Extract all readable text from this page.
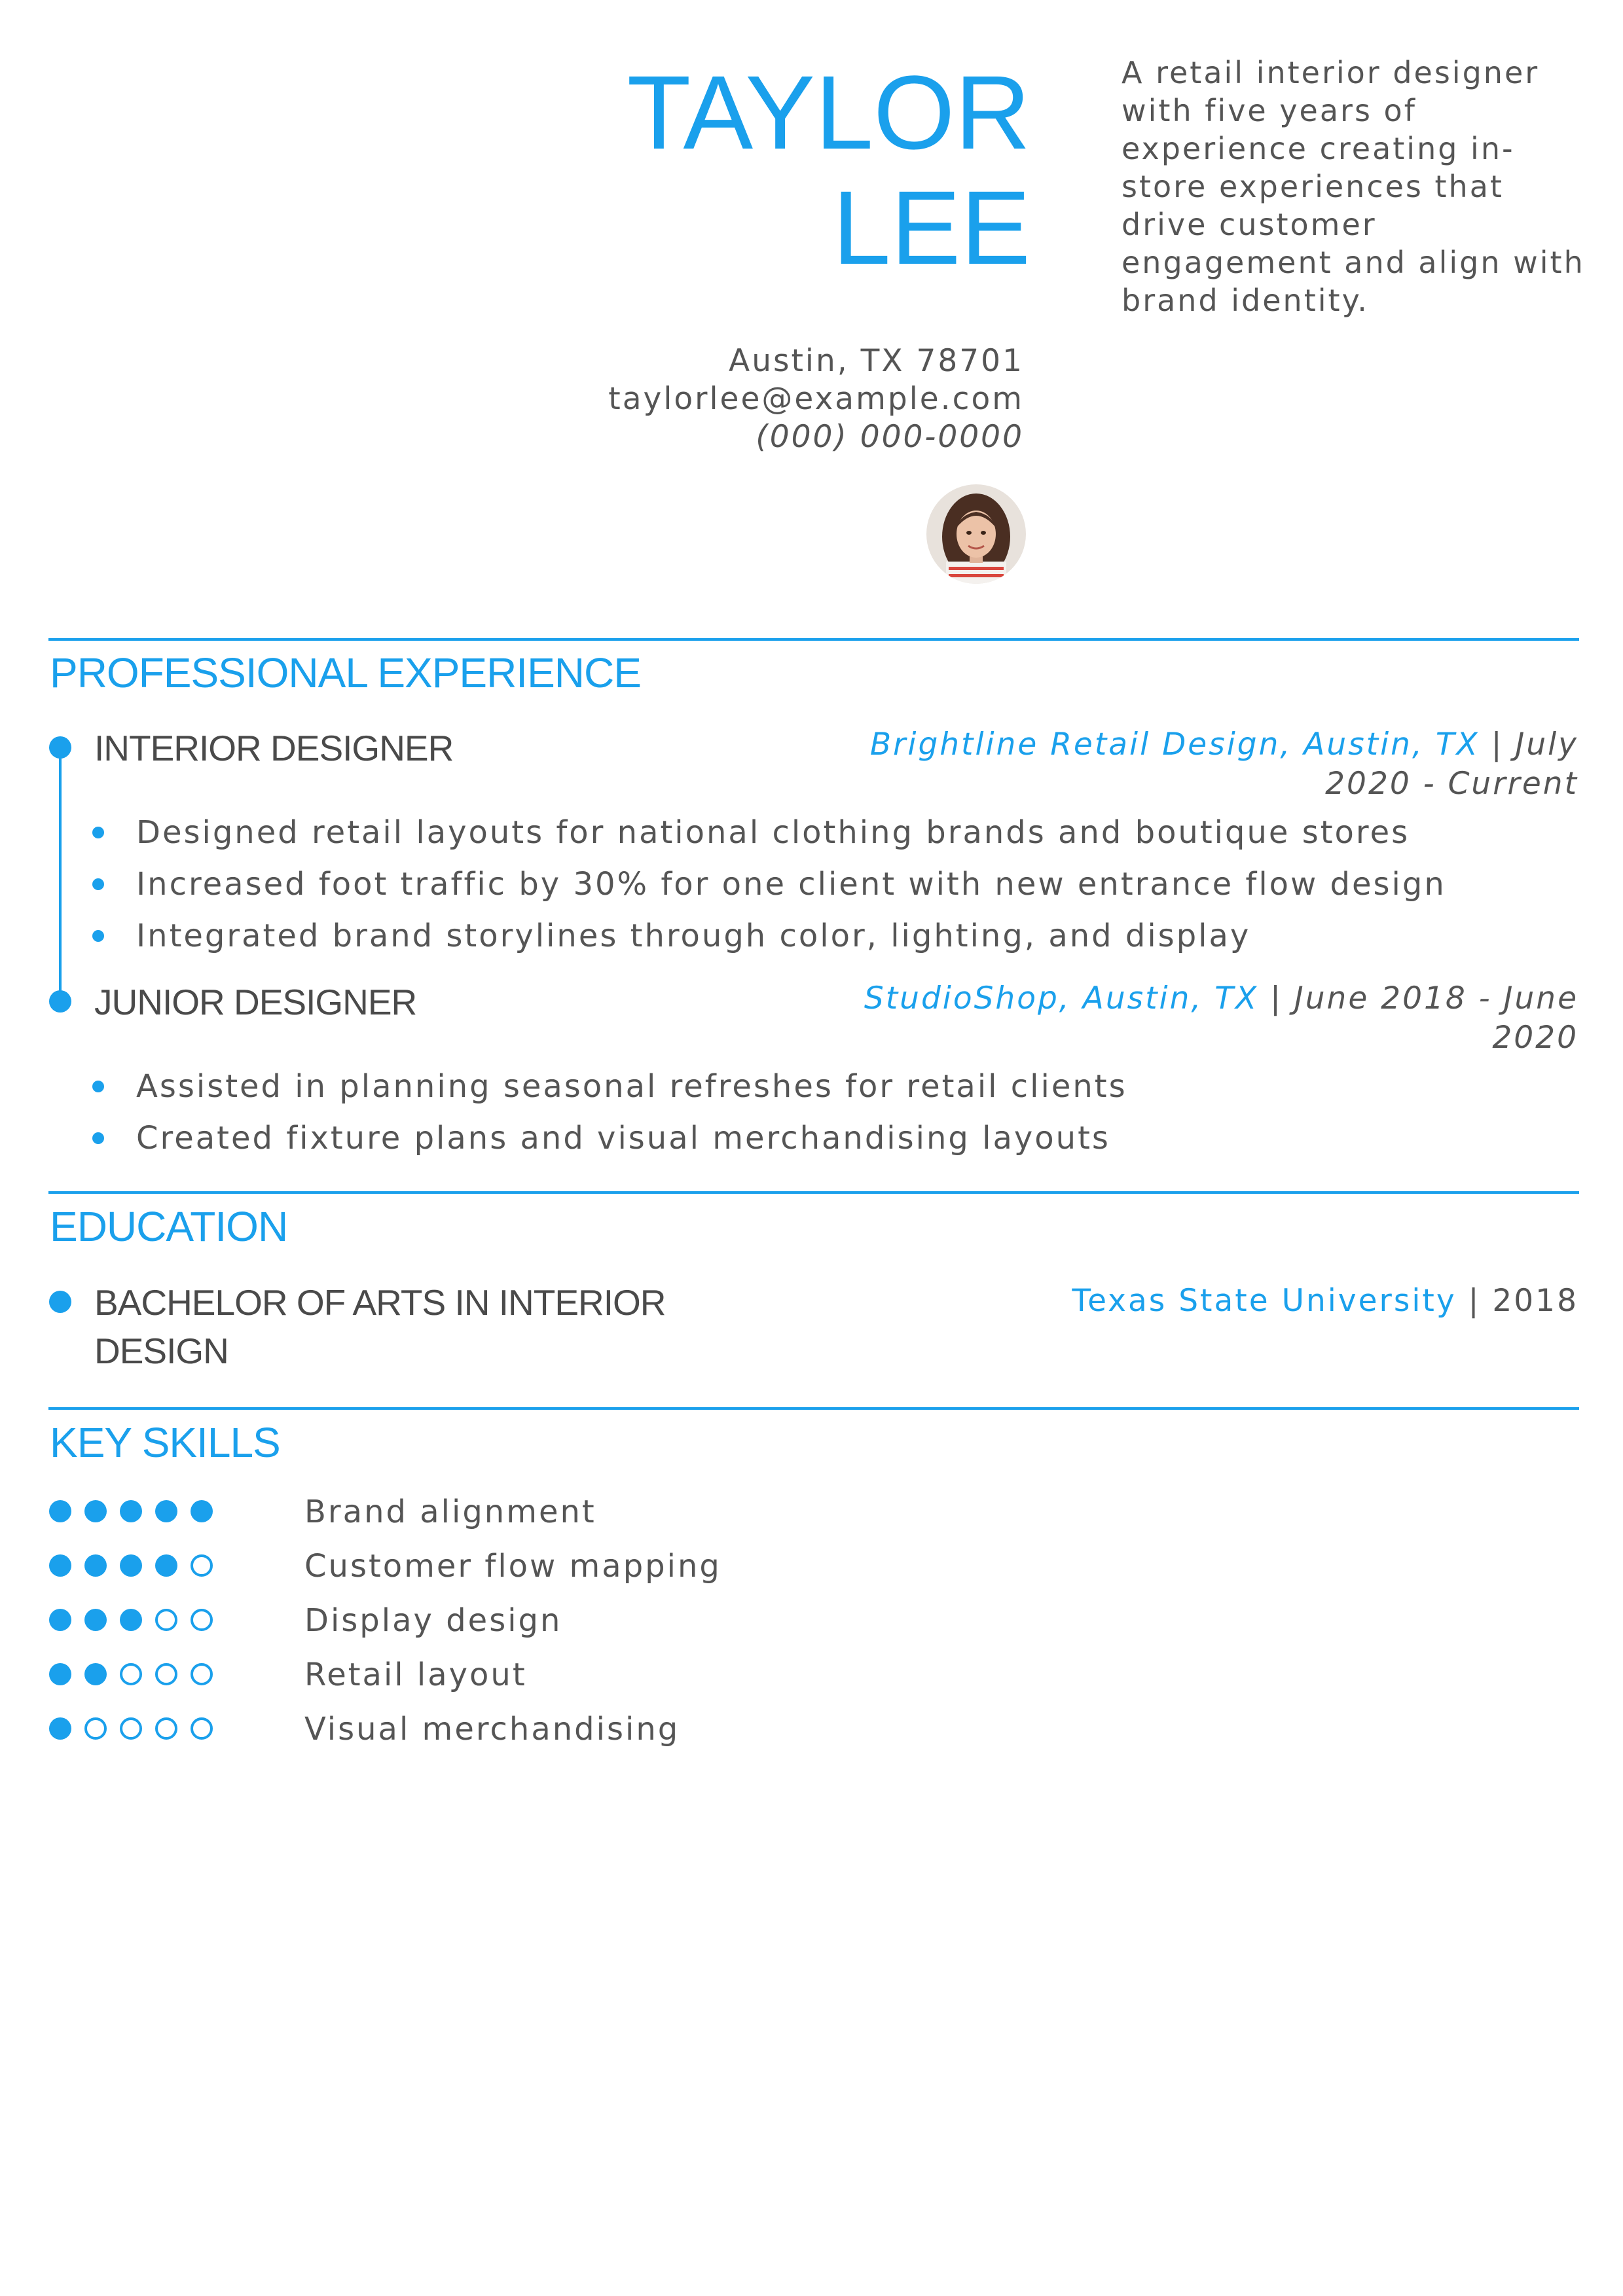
TAYLOR
LEE
A retail interior designer with five years of experience creating in-store experiences that drive customer engagement and align with brand identity.
Austin, TX 78701
taylorlee@example.com
(000) 000-0000
PROFESSIONAL EXPERIENCE
INTERIOR DESIGNER	Brightline Retail Design, Austin, TX | July
2020 - Current
Designed retail layouts for national clothing brands and boutique stores
Increased foot traffic by 30% for one client with new entrance flow design
Integrated brand storylines through color, lighting, and display
JUNIOR DESIGNER	StudioShop, Austin, TX | June 2018 - June
2020
Assisted in planning seasonal refreshes for retail clients
Created fixture plans and visual merchandising layouts
EDUCATION
BACHELOR OF ARTS IN INTERIOR
DESIGN
Texas State University | 2018
KEY SKILLS
Brand alignment
Customer flow mapping
Display design
Retail layout
Visual merchandising
